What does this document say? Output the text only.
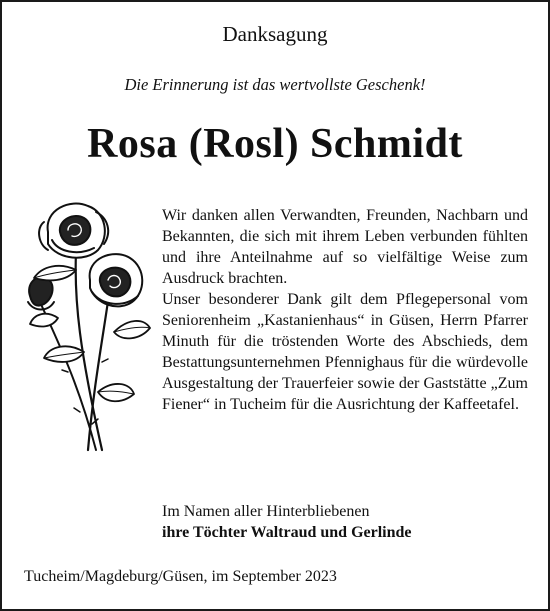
Danksagung
Die Erinnerung ist das wertvollste Geschenk!
Rosa (Rosl) Schmidt

Wir danken allen Verwandten, Freunden, Nachbarn und Bekannten, die sich mit ihrem Leben verbunden fühlten und ihre Anteilnahme auf so vielfältige Weise zum Ausdruck brachten.

Unser besonderer Dank gilt dem Pflegepersonal vom Seniorenheim „Kastanienhaus“ in Güsen, Herrn Pfarrer Minuth für die tröstenden Worte des Abschieds, dem Bestattungsunternehmen Pfennighaus für die würdevolle Ausgestaltung der Trauerfeier sowie der Gaststätte „Zum Fiener“ in Tucheim für die Ausrichtung der Kaffeetafel.

Im Namen aller Hinterbliebenen
ihre Töchter Waltraud und Gerlinde
Tucheim/Magdeburg/Güsen, im September 2023
